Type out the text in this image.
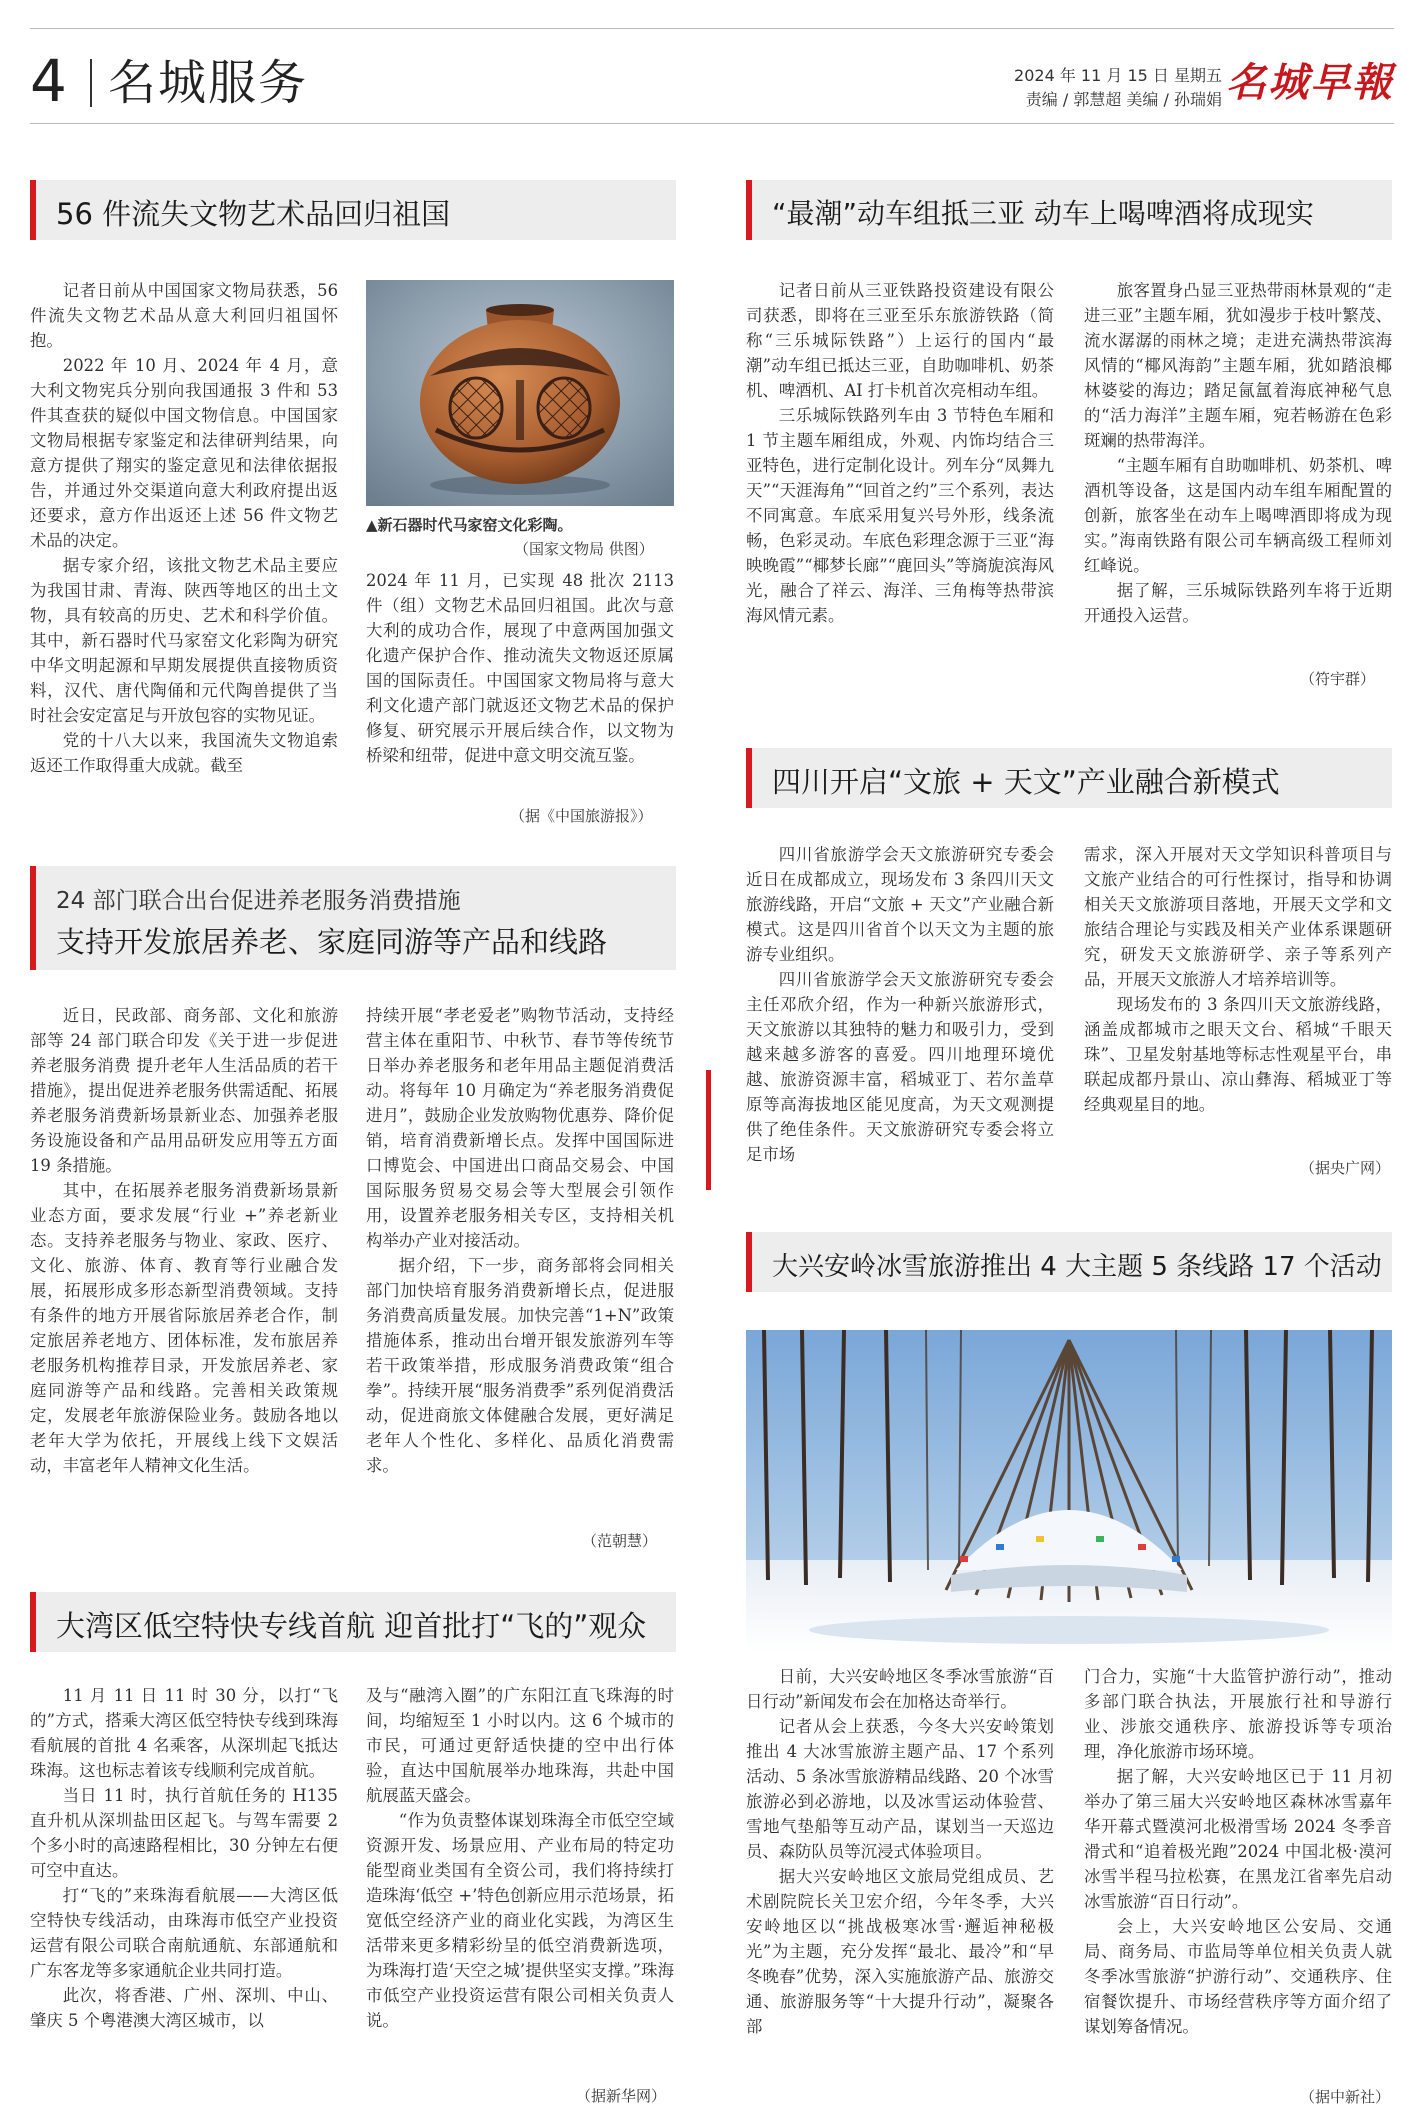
4 名城服务	2024 年 11 月 15 日 星期五
责编 / 郭慧超 美编 / 孙瑞娟 名城早報
56 件流失文物艺术品回归祖国

记者日前从中国国家文物局获悉，56 件流失文物艺术品从意大利回归祖国怀抱。

2022 年 10 月、2024 年 4 月，意大利文物宪兵分别向我国通报 3 件和 53 件其查获的疑似中国文物信息。中国国家文物局根据专家鉴定和法律研判结果，向意方提供了翔实的鉴定意见和法律依据报告，并通过外交渠道向意大利政府提出返还要求，意方作出返还上述 56 件文物艺术品的决定。

据专家介绍，该批文物艺术品主要应为我国甘肃、青海、陕西等地区的出土文物，具有较高的历史、艺术和科学价值。其中，新石器时代马家窑文化彩陶为研究中华文明起源和早期发展提供直接物质资料，汉代、唐代陶俑和元代陶兽提供了当时社会安定富足与开放包容的实物见证。

党的十八大以来，我国流失文物追索返还工作取得重大成就。截至

▲新石器时代马家窑文化彩陶。
（国家文物局 供图）

2024 年 11 月，已实现 48 批次 2113 件（组）文物艺术品回归祖国。此次与意大利的成功合作，展现了中意两国加强文化遗产保护合作、推动流失文物返还原属国的国际责任。中国国家文物局将与意大利文化遗产部门就返还文物艺术品的保护修复、研究展示开展后续合作，以文物为桥梁和纽带，促进中意文明交流互鉴。

（据《中国旅游报》）
24 部门联合出台促进养老服务消费措施
支持开发旅居养老、家庭同游等产品和线路

近日，民政部、商务部、文化和旅游部等 24 部门联合印发《关于进一步促进养老服务消费 提升老年人生活品质的若干措施》，提出促进养老服务供需适配、拓展养老服务消费新场景新业态、加强养老服务设施设备和产品用品研发应用等五方面 19 条措施。

其中，在拓展养老服务消费新场景新业态方面，要求发展“行业 +”养老新业态。支持养老服务与物业、家政、医疗、文化、旅游、体育、教育等行业融合发展，拓展形成多形态新型消费领域。支持有条件的地方开展省际旅居养老合作，制定旅居养老地方、团体标准，发布旅居养老服务机构推荐目录，开发旅居养老、家庭同游等产品和线路。完善相关政策规定，发展老年旅游保险业务。鼓励各地以老年大学为依托，开展线上线下文娱活动，丰富老年人精神文化生活。

持续开展“孝老爱老”购物节活动，支持经营主体在重阳节、中秋节、春节等传统节日举办养老服务和老年用品主题促消费活动。将每年 10 月确定为“养老服务消费促进月”，鼓励企业发放购物优惠券、降价促销，培育消费新增长点。发挥中国国际进口博览会、中国进出口商品交易会、中国国际服务贸易交易会等大型展会引领作用，设置养老服务相关专区，支持相关机构举办产业对接活动。

据介绍，下一步，商务部将会同相关部门加快培育服务消费新增长点，促进服务消费高质量发展。加快完善“1+N”政策措施体系，推动出台增开银发旅游列车等若干政策举措，形成服务消费政策“组合拳”。持续开展“服务消费季”系列促消费活动，促进商旅文体健融合发展，更好满足老年人个性化、多样化、品质化消费需求。

（范朝慧）
大湾区低空特快专线首航 迎首批打“飞的”观众

11 月 11 日 11 时 30 分，以打“飞的”方式，搭乘大湾区低空特快专线到珠海看航展的首批 4 名乘客，从深圳起飞抵达珠海。这也标志着该专线顺利完成首航。

当日 11 时，执行首航任务的 H135 直升机从深圳盐田区起飞。与驾车需要 2 个多小时的高速路程相比，30 分钟左右便可空中直达。

打“飞的”来珠海看航展——大湾区低空特快专线活动，由珠海市低空产业投资运营有限公司联合南航通航、东部通航和广东客龙等多家通航企业共同打造。

此次，将香港、广州、深圳、中山、肇庆 5 个粤港澳大湾区城市，以

及与“融湾入圈”的广东阳江直飞珠海的时间，均缩短至 1 小时以内。这 6 个城市的市民，可通过更舒适快捷的空中出行体验，直达中国航展举办地珠海，共赴中国航展蓝天盛会。

“作为负责整体谋划珠海全市低空空域资源开发、场景应用、产业布局的特定功能型商业类国有全资公司，我们将持续打造珠海‘低空 +’特色创新应用示范场景，拓宽低空经济产业的商业化实践，为湾区生活带来更多精彩纷呈的低空消费新选项，为珠海打造‘天空之城’提供坚实支撑。”珠海市低空产业投资运营有限公司相关负责人说。

（据新华网）
“最潮”动车组抵三亚 动车上喝啤酒将成现实

记者日前从三亚铁路投资建设有限公司获悉，即将在三亚至乐东旅游铁路（简称“三乐城际铁路”）上运行的国内“最潮”动车组已抵达三亚，自助咖啡机、奶茶机、啤酒机、AI 打卡机首次亮相动车组。

三乐城际铁路列车由 3 节特色车厢和 1 节主题车厢组成，外观、内饰均结合三亚特色，进行定制化设计。列车分“凤舞九天”“天涯海角”“回首之约”三个系列，表达不同寓意。车底采用复兴号外形，线条流畅，色彩灵动。车底色彩理念源于三亚“海映晚霞”“椰梦长廊”“鹿回头”等旖旎滨海风光，融合了祥云、海洋、三角梅等热带滨海风情元素。

旅客置身凸显三亚热带雨林景观的“走进三亚”主题车厢，犹如漫步于枝叶繁茂、流水潺潺的雨林之境；走进充满热带滨海风情的“椰风海韵”主题车厢，犹如踏浪椰林婆娑的海边；踏足氤氲着海底神秘气息的“活力海洋”主题车厢，宛若畅游在色彩斑斓的热带海洋。

“主题车厢有自助咖啡机、奶茶机、啤酒机等设备，这是国内动车组车厢配置的创新，旅客坐在动车上喝啤酒即将成为现实。”海南铁路有限公司车辆高级工程师刘红峰说。

据了解，三乐城际铁路列车将于近期开通投入运营。

（符宇群）
四川开启“文旅 + 天文”产业融合新模式

四川省旅游学会天文旅游研究专委会近日在成都成立，现场发布 3 条四川天文旅游线路，开启“文旅 + 天文”产业融合新模式。这是四川省首个以天文为主题的旅游专业组织。

四川省旅游学会天文旅游研究专委会主任邓欣介绍，作为一种新兴旅游形式，天文旅游以其独特的魅力和吸引力，受到越来越多游客的喜爱。四川地理环境优越、旅游资源丰富，稻城亚丁、若尔盖草原等高海拔地区能见度高，为天文观测提供了绝佳条件。天文旅游研究专委会将立足市场

需求，深入开展对天文学知识科普项目与文旅产业结合的可行性探讨，指导和协调相关天文旅游项目落地，开展天文学和文旅结合理论与实践及相关产业体系课题研究，研发天文旅游研学、亲子等系列产品，开展天文旅游人才培养培训等。

现场发布的 3 条四川天文旅游线路，涵盖成都城市之眼天文台、稻城“千眼天珠”、卫星发射基地等标志性观星平台，串联起成都丹景山、凉山彝海、稻城亚丁等经典观星目的地。

（据央广网）
大兴安岭冰雪旅游推出 4 大主题 5 条线路 17 个活动

日前，大兴安岭地区冬季冰雪旅游“百日行动”新闻发布会在加格达奇举行。

记者从会上获悉，今冬大兴安岭策划推出 4 大冰雪旅游主题产品、17 个系列活动、5 条冰雪旅游精品线路、20 个冰雪旅游必到必游地，以及冰雪运动体验营、雪地气垫船等互动产品，谋划当一天巡边员、森防队员等沉浸式体验项目。

据大兴安岭地区文旅局党组成员、艺术剧院院长关卫宏介绍，今年冬季，大兴安岭地区以“挑战极寒冰雪·邂逅神秘极光”为主题，充分发挥“最北、最冷”和“早冬晚春”优势，深入实施旅游产品、旅游交通、旅游服务等“十大提升行动”，凝聚各部

门合力，实施“十大监管护游行动”，推动多部门联合执法，开展旅行社和导游行业、涉旅交通秩序、旅游投诉等专项治理，净化旅游市场环境。

据了解，大兴安岭地区已于 11 月初举办了第三届大兴安岭地区森林冰雪嘉年华开幕式暨漠河北极滑雪场 2024 冬季音滑式和“追着极光跑”2024 中国北极·漠河冰雪半程马拉松赛，在黑龙江省率先启动冰雪旅游“百日行动”。

会上，大兴安岭地区公安局、交通局、商务局、市监局等单位相关负责人就冬季冰雪旅游“护游行动”、交通秩序、住宿餐饮提升、市场经营秩序等方面介绍了谋划筹备情况。

（据中新社）
